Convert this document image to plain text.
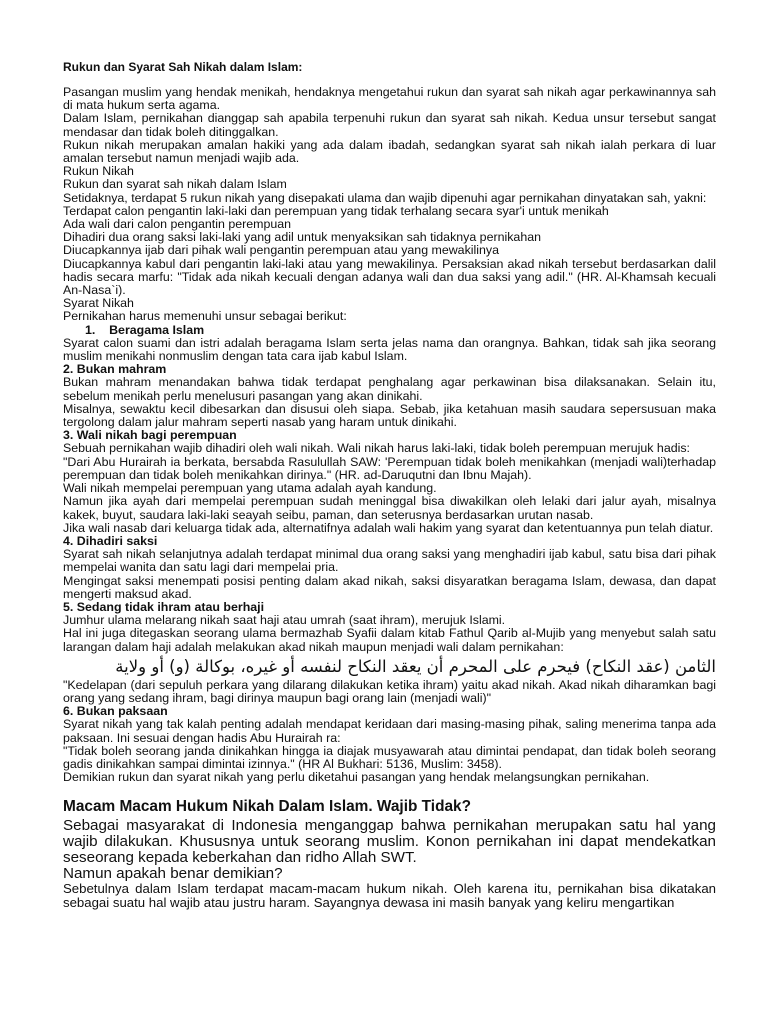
Rukun dan Syarat Sah Nikah dalam Islam:

Pasangan muslim yang hendak menikah, hendaknya mengetahui rukun dan syarat sah nikah agar perkawinannya sah di mata hukum serta agama.

Dalam Islam, pernikahan dianggap sah apabila terpenuhi rukun dan syarat sah nikah. Kedua unsur tersebut sangat mendasar dan tidak boleh ditinggalkan.

Rukun nikah merupakan amalan hakiki yang ada dalam ibadah, sedangkan syarat sah nikah ialah perkara di luar amalan tersebut namun menjadi wajib ada.

Rukun Nikah

Rukun dan syarat sah nikah dalam Islam

Setidaknya, terdapat 5 rukun nikah yang disepakati ulama dan wajib dipenuhi agar pernikahan dinyatakan sah, yakni:

Terdapat calon pengantin laki-laki dan perempuan yang tidak terhalang secara syar'i untuk menikah

Ada wali dari calon pengantin perempuan

Dihadiri dua orang saksi laki-laki yang adil untuk menyaksikan sah tidaknya pernikahan

Diucapkannya ijab dari pihak wali pengantin perempuan atau yang mewakilinya

Diucapkannya kabul dari pengantin laki-laki atau yang mewakilinya. Persaksian akad nikah tersebut berdasarkan dalil hadis secara marfu: "Tidak ada nikah kecuali dengan adanya wali dan dua saksi yang adil." (HR. Al-Khamsah kecuali An-Nasa`i).

Syarat Nikah

Pernikahan harus memenuhi unsur sebagai berikut:

1.    Beragama Islam

Syarat calon suami dan istri adalah beragama Islam serta jelas nama dan orangnya. Bahkan, tidak sah jika seorang muslim menikahi nonmuslim dengan tata cara ijab kabul Islam.

2. Bukan mahram

Bukan mahram menandakan bahwa tidak terdapat penghalang agar perkawinan bisa dilaksanakan. Selain itu, sebelum menikah perlu menelusuri pasangan yang akan dinikahi.

Misalnya, sewaktu kecil dibesarkan dan disusui oleh siapa. Sebab, jika ketahuan masih saudara sepersusuan maka tergolong dalam jalur mahram seperti nasab yang haram untuk dinikahi.

3. Wali nikah bagi perempuan

Sebuah pernikahan wajib dihadiri oleh wali nikah. Wali nikah harus laki-laki, tidak boleh perempuan merujuk hadis:

"Dari Abu Hurairah ia berkata, bersabda Rasulullah SAW: 'Perempuan tidak boleh menikahkan (menjadi wali)terhadap perempuan dan tidak boleh menikahkan dirinya." (HR. ad-Daruqutni dan Ibnu Majah).

Wali nikah mempelai perempuan yang utama adalah ayah kandung.

Namun jika ayah dari mempelai perempuan sudah meninggal bisa diwakilkan oleh lelaki dari jalur ayah, misalnya kakek, buyut, saudara laki-laki seayah seibu, paman, dan seterusnya berdasarkan urutan nasab.

Jika wali nasab dari keluarga tidak ada, alternatifnya adalah wali hakim yang syarat dan ketentuannya pun telah diatur.

4. Dihadiri saksi

Syarat sah nikah selanjutnya adalah terdapat minimal dua orang saksi yang menghadiri ijab kabul, satu bisa dari pihak mempelai wanita dan satu lagi dari mempelai pria.

Mengingat saksi menempati posisi penting dalam akad nikah, saksi disyaratkan beragama Islam, dewasa, dan dapat mengerti maksud akad.

5. Sedang tidak ihram atau berhaji

Jumhur ulama melarang nikah saat haji atau umrah (saat ihram), merujuk Islami.

Hal ini juga ditegaskan seorang ulama bermazhab Syafii dalam kitab Fathul Qarib al-Mujib yang menyebut salah satu larangan dalam haji adalah melakukan akad nikah maupun menjadi wali dalam pernikahan:

الثامن (عقد النكاح) فيحرم على المحرم أن يعقد النكاح لنفسه أو غيره، بوكالة (و) أو ولاية

"Kedelapan (dari sepuluh perkara yang dilarang dilakukan ketika ihram) yaitu akad nikah. Akad nikah diharamkan bagi orang yang sedang ihram, bagi dirinya maupun bagi orang lain (menjadi wali)"

6. Bukan paksaan

Syarat nikah yang tak kalah penting adalah mendapat keridaan dari masing-masing pihak, saling menerima tanpa ada paksaan. Ini sesuai dengan hadis Abu Hurairah ra:

"Tidak boleh seorang janda dinikahkan hingga ia diajak musyawarah atau dimintai pendapat, dan tidak boleh seorang gadis dinikahkan sampai dimintai izinnya." (HR Al Bukhari: 5136, Muslim: 3458).

Demikian rukun dan syarat nikah yang perlu diketahui pasangan yang hendak melangsungkan pernikahan.

Macam Macam Hukum Nikah Dalam Islam. Wajib Tidak?

Sebagai masyarakat di Indonesia menganggap bahwa pernikahan merupakan satu hal yang wajib dilakukan. Khususnya untuk seorang muslim. Konon pernikahan ini dapat mendekatkan seseorang kepada keberkahan dan ridho Allah SWT.

Namun apakah benar demikian?

Sebetulnya dalam Islam terdapat macam-macam hukum nikah. Oleh karena itu, pernikahan bisa dikatakan sebagai suatu hal wajib atau justru haram. Sayangnya dewasa ini masih banyak yang keliru mengartikan
